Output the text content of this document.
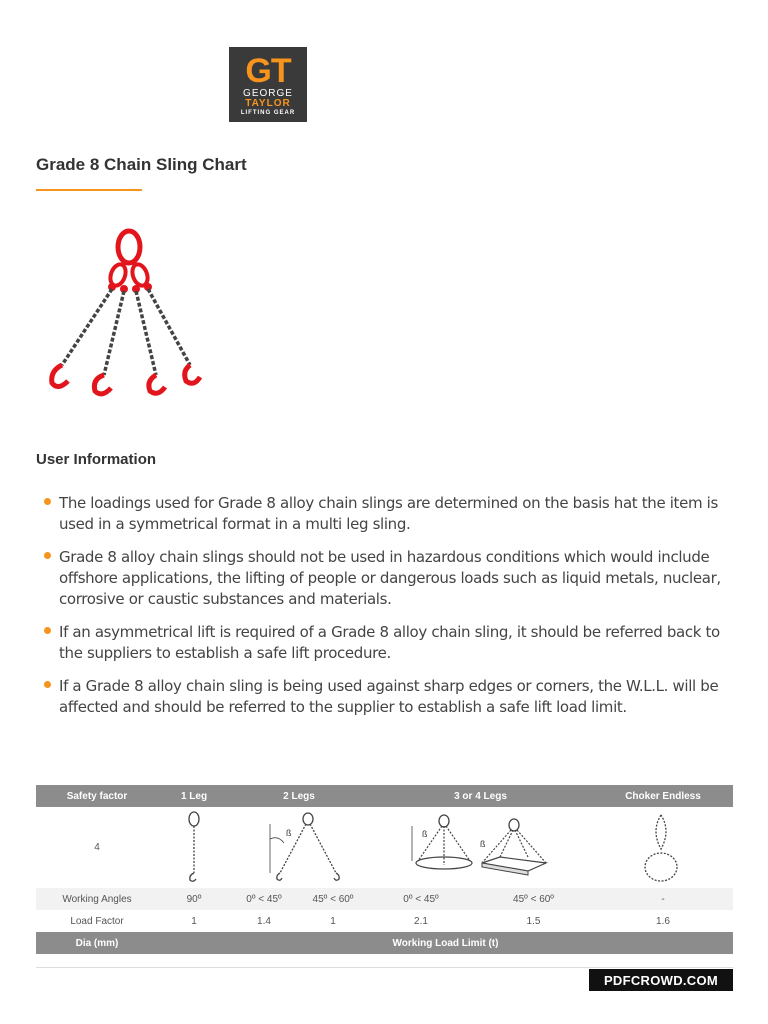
GT
GEORGE
TAYLOR
LIFTING GEAR
Grade 8 Chain Sling Chart
User Information
The loadings used for Grade 8 alloy chain slings are determined on the basis hat the item is used in a symmetrical format in a multi leg sling.
Grade 8 alloy chain slings should not be used in hazardous conditions which would include offshore applications, the lifting of people or dangerous loads such as liquid metals, nuclear, corrosive or caustic substances and materials.
If an asymmetrical lift is required of a Grade 8 alloy chain sling, it should be referred back to the suppliers to establish a safe lift procedure.
If a Grade 8 alloy chain sling is being used against sharp edges or corners, the W.L.L. will be affected and should be referred to the supplier to establish a safe lift load limit.
Safety factor	1 Leg	2 Legs	3 or 4 Legs	Choker Endless
4
ß	ß
ß
Working Angles	90º	0º < 45º	45º < 60º	0º < 45º	45º < 60º	-
Load Factor	1	1.4	1	2.1	1.5	1.6
Dia (mm)	Working Load Limit (t)
PDFCROWD.COM
